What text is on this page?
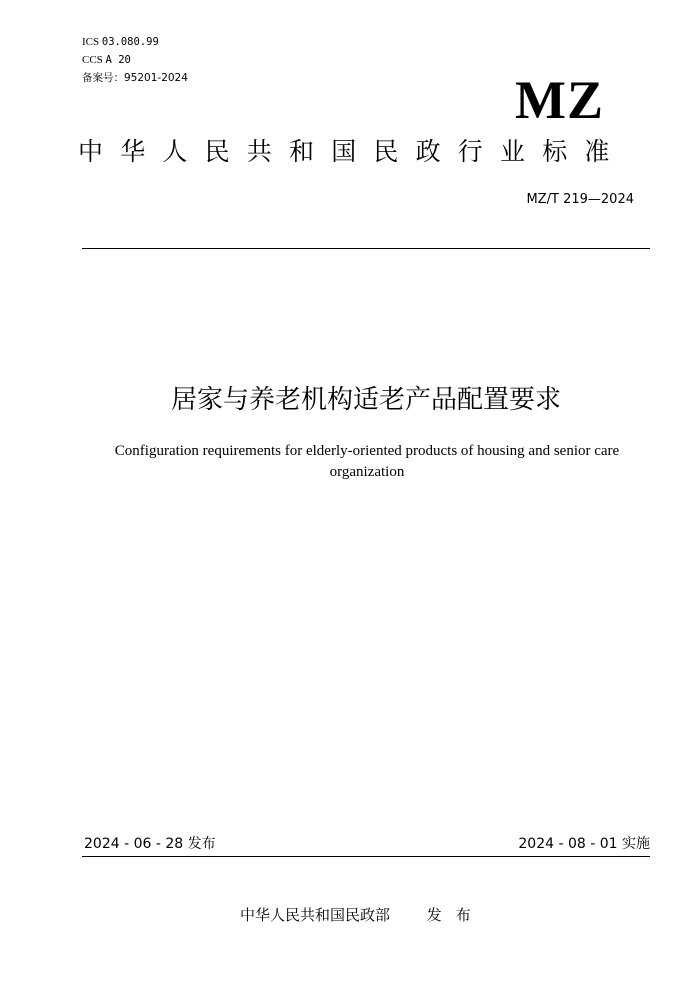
ICS 03.080.99
CCS A 20
备案号：95201-2024	MZ
中华人民共和国民政行业标准
MZ/T 219—2024
居家与养老机构适老产品配置要求
Configuration requirements for elderly-oriented products of housing and senior care organization
2024 - 06 - 28 发布	2024 - 08 - 01 实施
中华人民共和国民政部 发布
